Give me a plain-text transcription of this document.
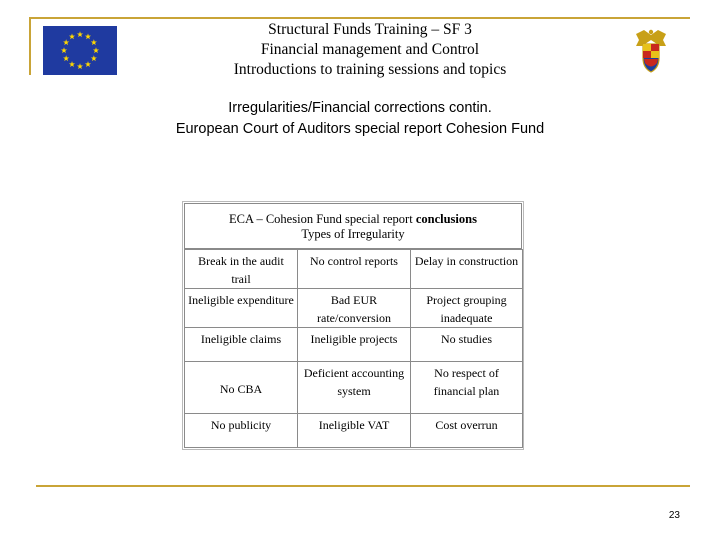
Structural Funds Training – SF 3
Financial management and Control
Introductions to training sessions and topics
Irregularities/Financial corrections contin.
European Court of Auditors special report Cohesion Fund
ECA – Cohesion Fund special report conclusions
Types of Irregularity
Break in the audit trail	No control reports	Delay in construction
Ineligible expenditure	Bad EUR rate/conversion	Project grouping inadequate
Ineligible claims	Ineligible projects	No studies
No CBA	Deficient accounting system	No respect of financial plan
No publicity	Ineligible VAT	Cost overrun
23
